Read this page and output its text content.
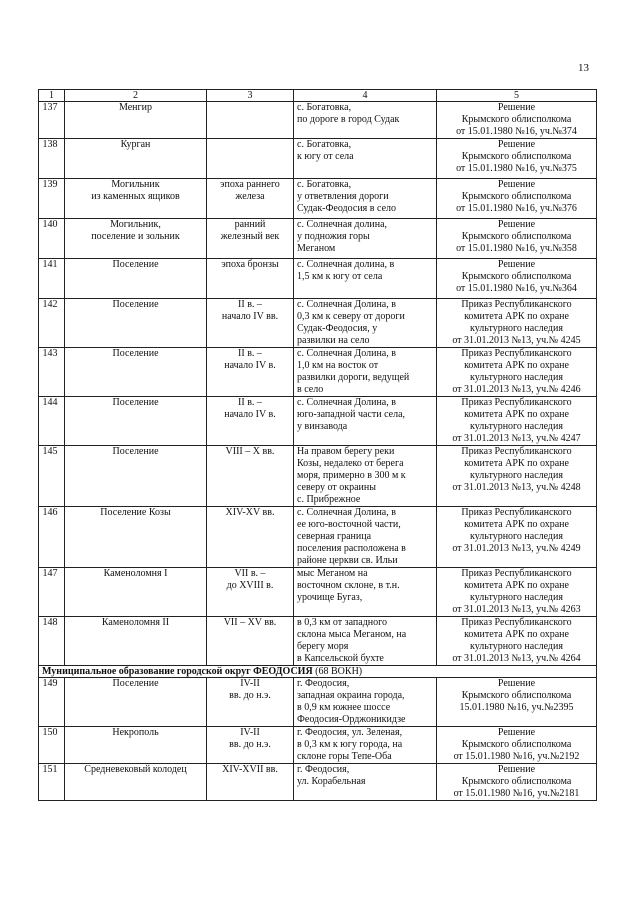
13
1	2	3	4	5
137	Менгир		с. Богатовка,
по дороге в город Судак	Решение
Крымского облисполкома
от 15.01.1980 №16, уч.№374
138	Курган		с. Богатовка,
к югу от села	Решение
Крымского облисполкома
от 15.01.1980 №16, уч.№375
139	Могильник
из каменных ящиков	эпоха раннего
железа	с. Богатовка,
у ответвления дороги
Судак-Феодосия в село	Решение
Крымского облисполкома
от 15.01.1980 №16, уч.№376
140	Могильник,
поселение и зольник	ранний
железный век	с. Солнечная долина,
у подножия горы
Меганом	Решение
Крымского облисполкома
от 15.01.1980 №16, уч.№358
141	Поселение	эпоха бронзы	с. Солнечная долина, в
1,5 км к югу от села	Решение
Крымского облисполкома
от 15.01.1980 №16, уч.№364
142	Поселение	II в. –
начало IV вв.	с. Солнечная Долина, в
0,3 км к северу от дороги
Судак-Феодосия, у
развилки на село	Приказ Республиканского
комитета АРК по охране
культурного наследия
от 31.01.2013 №13, уч.№ 4245
143	Поселение	II в. –
начало IV в.	с. Солнечная Долина, в
1,0 км на восток от
развилки дороги, ведущей
в село	Приказ Республиканского
комитета АРК по охране
культурного наследия
от 31.01.2013 №13, уч.№ 4246
144	Поселение	II в. –
начало IV в.	с. Солнечная Долина, в
юго-западной части села,
у винзавода	Приказ Республиканского
комитета АРК по охране
культурного наследия
от 31.01.2013 №13, уч.№ 4247
145	Поселение	VIII – X вв.	На правом берегу реки
Козы, недалеко от берега
моря, примерно в 300 м к
северу от окраины
с. Прибрежное	Приказ Республиканского
комитета АРК по охране
культурного наследия
от 31.01.2013 №13, уч.№ 4248
146	Поселение Козы	XIV-XV вв.	с. Солнечная Долина, в
ее юго-восточной части,
северная граница
поселения расположена в
районе церкви св. Ильи	Приказ Республиканского
комитета АРК по охране
культурного наследия
от 31.01.2013 №13, уч.№ 4249
147	Каменоломня I	VII в. –
до XVIII в.	мыс Меганом на
восточном склоне, в т.н.
урочище Бугаз,	Приказ Республиканского
комитета АРК по охране
культурного наследия
от 31.01.2013 №13, уч.№ 4263
148	Каменоломня II	VII – XV вв.	в 0,3 км от западного
склона мыса Меганом, на
берегу моря
в Капсельской бухте	Приказ Республиканского
комитета АРК по охране
культурного наследия
от 31.01.2013 №13, уч.№ 4264
Муниципальное образование городской округ ФЕОДОСИЯ (68 ВОКН)				
149	Поселение	IV-II
вв. до н.э.	г. Феодосия,
западная окраина города,
в 0,9 км южнее шоссе
Феодосия-Орджоникидзе	Решение
Крымского облисполкома
15.01.1980 №16, уч.№2395
150	Некрополь	IV-II
вв. до н.э.	г. Феодосия, ул. Зеленая,
в 0,3 км к югу города, на
склоне горы Тепе-Оба	Решение
Крымского облисполкома
от 15.01.1980 №16, уч.№2192
151	Средневековый колодец	XIV-XVII вв.	г. Феодосия,
ул. Корабельная	Решение
Крымского облисполкома
от 15.01.1980 №16, уч.№2181
